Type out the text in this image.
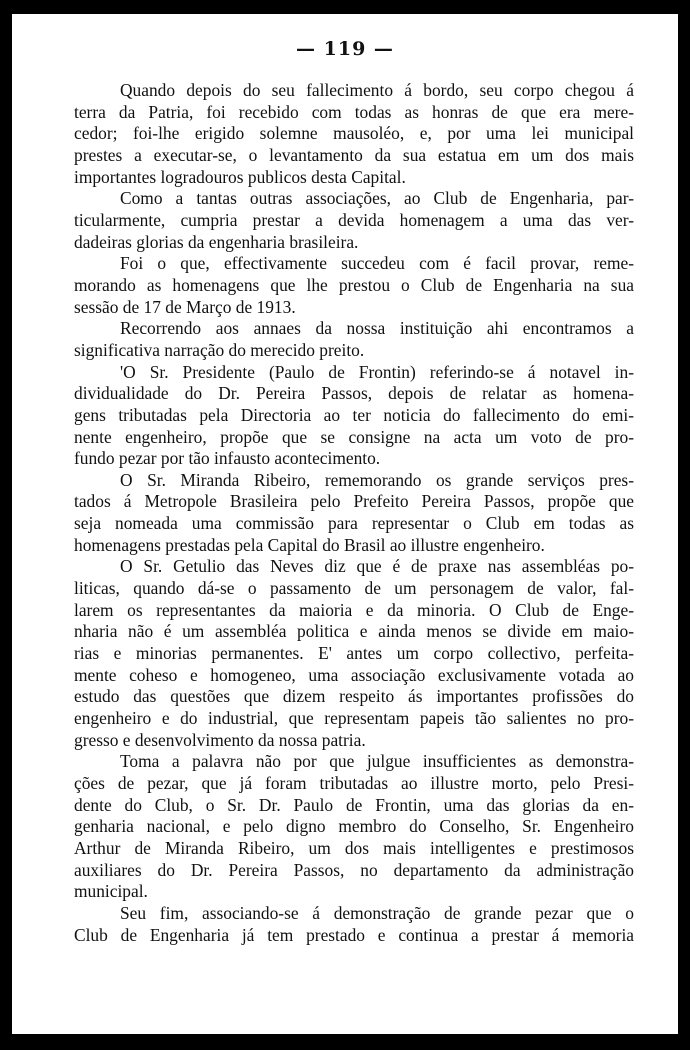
— 119 —
Quando depois do seu fallecimento á bordo, seu corpo chegou á
terra da Patria, foi recebido com todas as honras de que era mere-
cedor; foi-lhe erigido solemne mausoléo, e, por uma lei municipal
prestes a executar-se, o levantamento da sua estatua em um dos mais
importantes logradouros publicos desta Capital.
Como a tantas outras associações, ao Club de Engenharia, par-
ticularmente, cumpria prestar a devida homenagem a uma das ver-
dadeiras glorias da engenharia brasileira.
Foi o que, effectivamente succedeu com é facil provar, reme-
morando as homenagens que lhe prestou o Club de Engenharia na sua
sessão de 17 de Março de 1913.
Recorrendo aos annaes da nossa instituição ahi encontramos a
significativa narração do merecido preito.
'O Sr. Presidente (Paulo de Frontin) referindo-se á notavel in-
dividualidade do Dr. Pereira Passos, depois de relatar as homena-
gens tributadas pela Directoria ao ter noticia do fallecimento do emi-
nente engenheiro, propõe que se consigne na acta um voto de pro-
fundo pezar por tão infausto acontecimento.
O Sr. Miranda Ribeiro, rememorando os grande serviços pres-
tados á Metropole Brasileira pelo Prefeito Pereira Passos, propõe que
seja nomeada uma commissão para representar o Club em todas as
homenagens prestadas pela Capital do Brasil ao illustre engenheiro.
O Sr. Getulio das Neves diz que é de praxe nas assembléas po-
liticas, quando dá-se o passamento de um personagem de valor, fal-
larem os representantes da maioria e da minoria. O Club de Enge-
nharia não é um assembléa politica e ainda menos se divide em maio-
rias e minorias permanentes. E' antes um corpo collectivo, perfeita-
mente coheso e homogeneo, uma associação exclusivamente votada ao
estudo das questões que dizem respeito ás importantes profissões do
engenheiro e do industrial, que representam papeis tão salientes no pro-
gresso e desenvolvimento da nossa patria.
Toma a palavra não por que julgue insufficientes as demonstra-
ções de pezar, que já foram tributadas ao illustre morto, pelo Presi-
dente do Club, o Sr. Dr. Paulo de Frontin, uma das glorias da en-
genharia nacional, e pelo digno membro do Conselho, Sr. Engenheiro
Arthur de Miranda Ribeiro, um dos mais intelligentes e prestimosos
auxiliares do Dr. Pereira Passos, no departamento da administração
municipal.
Seu fim, associando-se á demonstração de grande pezar que o
Club de Engenharia já tem prestado e continua a prestar á memoria
